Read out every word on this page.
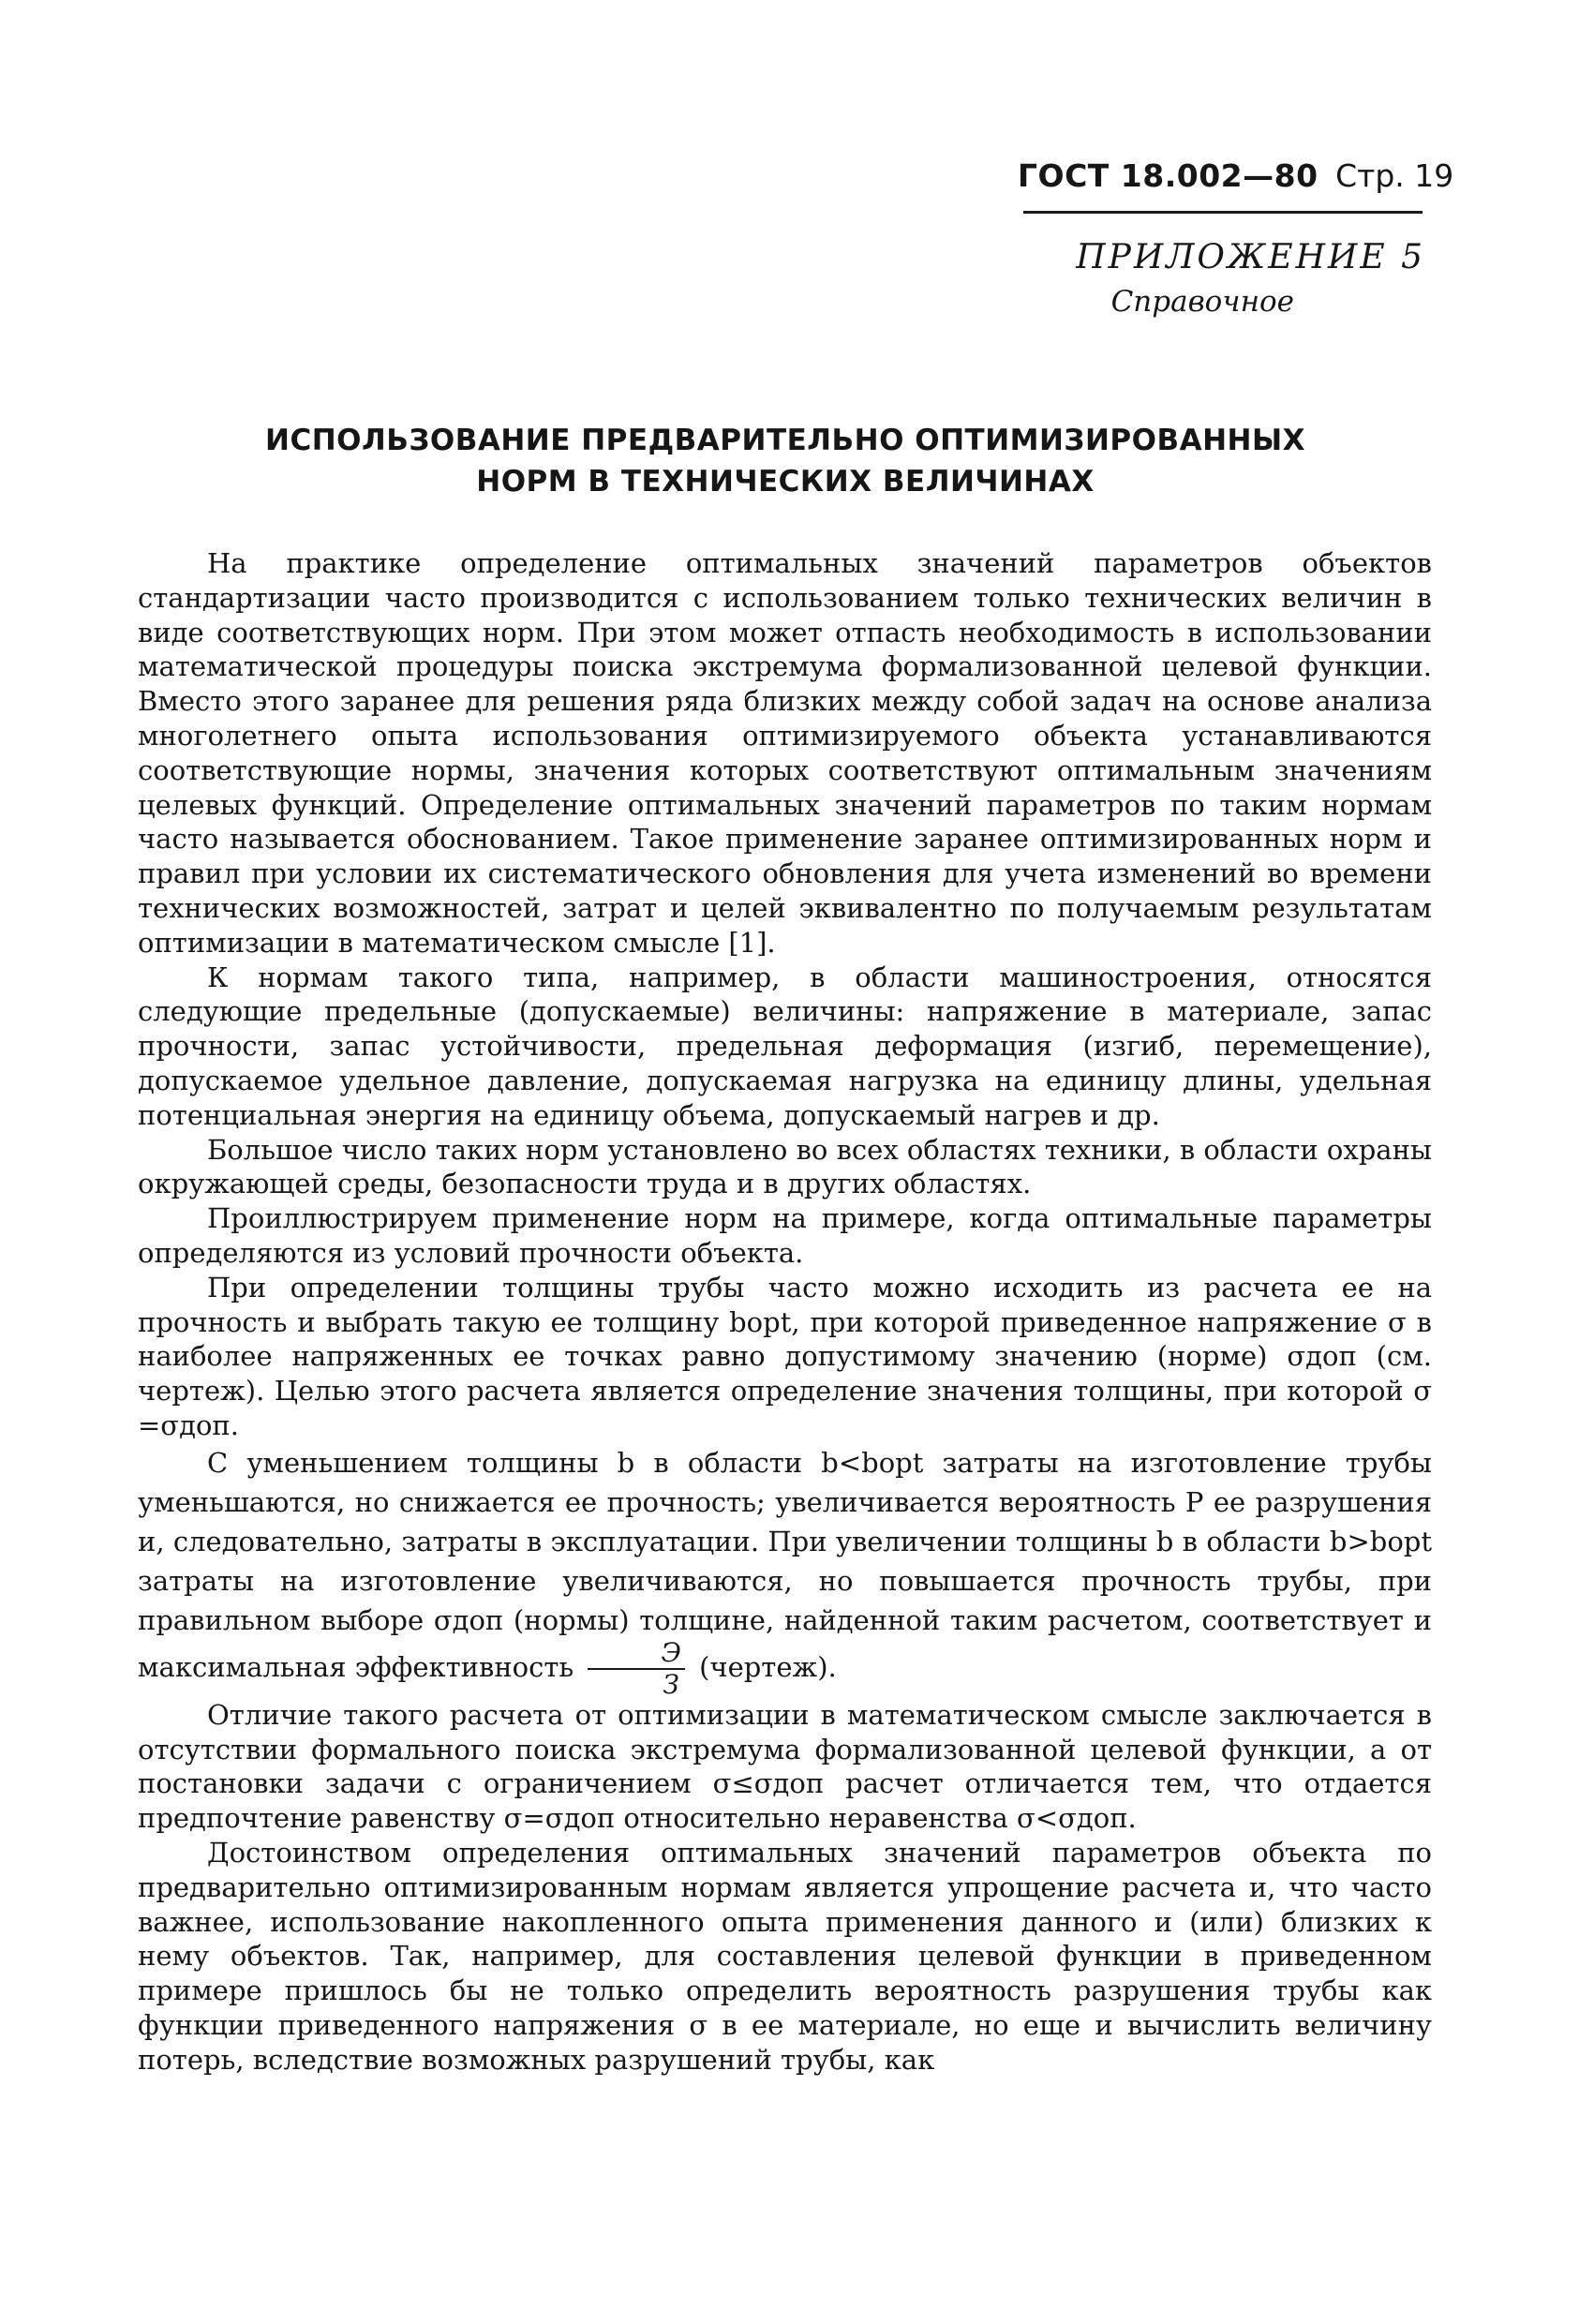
ГОСТ 18.002—80 Стр. 19
ПРИЛОЖЕНИЕ 5
Справочное
ИСПОЛЬЗОВАНИЕ ПРЕДВАРИТЕЛЬНО ОПТИМИЗИРОВАННЫХ
НОРМ В ТЕХНИЧЕСКИХ ВЕЛИЧИНАХ

На практике определение оптимальных значений параметров объектов стандартизации часто производится с использованием только технических величин в виде соответствующих норм. При этом может отпасть необходимость в использовании математической процедуры поиска экстремума формализованной целевой функции. Вместо этого заранее для решения ряда близких между собой задач на основе анализа многолетнего опыта использования оптимизируемого объекта устанавливаются соответствующие нормы, значения которых соответствуют оптимальным значениям целевых функций. Определение оптимальных значений параметров по таким нормам часто называется обоснованием. Такое применение заранее оптимизированных норм и правил при условии их систематического обновления для учета изменений во времени технических возможностей, затрат и целей эквивалентно по получаемым результатам оптимизации в математическом смысле [1].

К нормам такого типа, например, в области машиностроения, относятся следующие предельные (допускаемые) величины: напряжение в материале, запас прочности, запас устойчивости, предельная деформация (изгиб, перемещение), допускаемое удельное давление, допускаемая нагрузка на единицу длины, удельная потенциальная энергия на единицу объема, допускаемый нагрев и др.

Большое число таких норм установлено во всех областях техники, в области охраны окружающей среды, безопасности труда и в других областях.

Проиллюстрируем применение норм на примере, когда оптимальные параметры определяются из условий прочности объекта.

При определении толщины трубы часто можно исходить из расчета ее на прочность и выбрать такую ее толщину bopt, при которой приведенное напряжение σ в наиболее напряженных ее точках равно допустимому значению (норме) σдоп (см. чертеж). Целью этого расчета является определение значения толщины, при которой σ =σдоп.

С уменьшением толщины b в области b<bopt затраты на изготовление трубы уменьшаются, но снижается ее прочность; увеличивается вероятность P ее разрушения и, следовательно, затраты в эксплуатации. При увеличении толщины b в области b>bopt затраты на изготовление увеличиваются, но повышается прочность трубы, при правильном выборе σдоп (нормы) толщине, найденной таким расчетом, соответствует и максимальная эффективность $\frac{Э}{З}$ (чертеж).

Отличие такого расчета от оптимизации в математическом смысле заключается в отсутствии формального поиска экстремума формализованной целевой функции, а от постановки задачи с ограничением σ≤σдоп расчет отличается тем, что отдается предпочтение равенству σ=σдоп относительно неравенства σ<σдоп.

Достоинством определения оптимальных значений параметров объекта по предварительно оптимизированным нормам является упрощение расчета и, что часто важнее, использование накопленного опыта применения данного и (или) близких к нему объектов. Так, например, для составления целевой функции в приведенном примере пришлось бы не только определить вероятность разрушения трубы как функции приведенного напряжения σ в ее материале, но еще и вычислить величину потерь, вследствие возможных разрушений трубы, как
